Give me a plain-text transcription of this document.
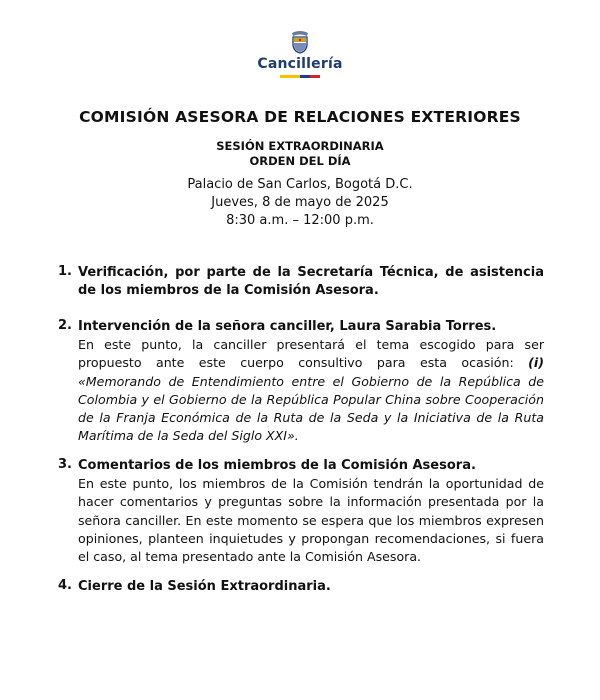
Cancillería
COMISIÓN ASESORA DE RELACIONES EXTERIORES
SESIÓN EXTRAORDINARIA
ORDEN DEL DÍA
Palacio de San Carlos, Bogotá D.C.
Jueves, 8 de mayo de 2025
8:30 a.m. – 12:00 p.m.
1. Verificación, por parte de la Secretaría Técnica, de asistencia de los miembros de la Comisión Asesora.
2. Intervención de la señora canciller, Laura Sarabia Torres.
En este punto, la canciller presentará el tema escogido para ser propuesto ante este cuerpo consultivo para esta ocasión: (i) «Memorando de Entendimiento entre el Gobierno de la República de Colombia y el Gobierno de la República Popular China sobre Cooperación de la Franja Económica de la Ruta de la Seda y la Iniciativa de la Ruta Marítima de la Seda del Siglo XXI».
3. Comentarios de los miembros de la Comisión Asesora.
En este punto, los miembros de la Comisión tendrán la oportunidad de hacer comentarios y preguntas sobre la información presentada por la señora canciller. En este momento se espera que los miembros expresen opiniones, planteen inquietudes y propongan recomendaciones, si fuera el caso, al tema presentado ante la Comisión Asesora.
4. Cierre de la Sesión Extraordinaria.
